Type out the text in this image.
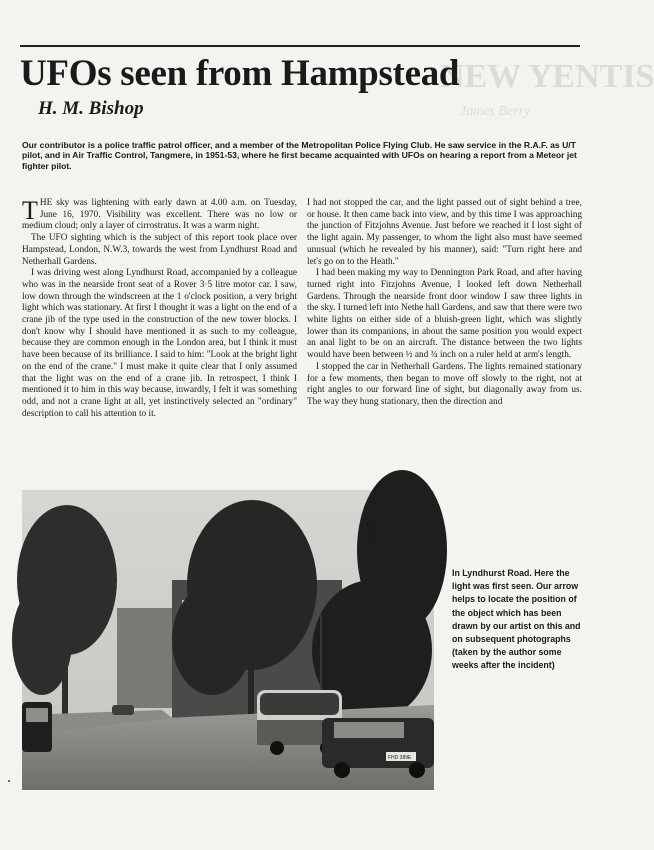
NEW YENTIS
James Berry
UFOs seen from Hampstead
H. M. Bishop
Our contributor is a police traffic patrol officer, and a member of the Metropolitan Police Flying Club. He saw service in the R.A.F. as U/T pilot, and in Air Traffic Control, Tangmere, in 1951-53, where he first became acquainted with UFOs on hearing a report from a Meteor jet fighter pilot.

THE sky was lightening with early dawn at 4.00 a.m. on Tuesday, June 16, 1970. Visibility was excellent. There was no low or medium cloud; only a layer of cirrostratus. It was a warm night.

The UFO sighting which is the subject of this report took place over Hampstead, London, N.W.3, towards the west from Lyndhurst Road and Netherhall Gardens.

I was driving west along Lyndhurst Road, accompanied by a colleague who was in the nearside front seat of a Rover 3·5 litre motor car. I saw, low down through the windscreen at the 1 o'clock position, a very bright light which was stationary. At first I thought it was a light on the end of a crane jib of the type used in the construction of the new tower blocks. I don't know why I should have mentioned it as such to my colleague, because they are common enough in the London area, but I think it must have been because of its brilliance. I said to him: "Look at the bright light on the end of the crane." I must make it quite clear that I only assumed that the light was on the end of a crane jib. In retrospect, I think I mentioned it to him in this way because, inwardly, I felt it was something odd, and not a crane light at all, yet instinctively selected an "ordinary" description to call his attention to it.

I had not stopped the car, and the light passed out of sight behind a tree, or house. It then came back into view, and by this time I was approaching the junction of Fitzjohns Avenue. Just before we reached it I lost sight of the light again. My passenger, to whom the light also must have seemed unusual (which he revealed by his manner), said: "Turn right here and let's go on to the Heath."

I had been making my way to Dennington Park Road, and after having turned right into Fitzjohns Avenue, I looked left down Netherhall Gardens. Through the nearside front door window I saw three lights in the sky. I turned left into Nethe hall Gardens, and saw that there were two white lights on either side of a bluish-green light, which was slightly lower than its companions, in about the same position you would expect an anal light to be on an aircraft. The distance between the two lights would have been between ½ and ¾ inch on a ruler held at arm's length.

I stopped the car in Netherhall Gardens. The lights remained stationary for a few moments, then began to move off slowly to the right, not at right angles to our forward line of sight, but diagonally away from us. The way they hung stationary, then the direction and

FHD 389E
In Lyndhurst Road. Here the light was first seen. Our arrow helps to locate the position of the object which has been drawn by our artist on this and on subsequent photographs (taken by the author some weeks after the incident)
